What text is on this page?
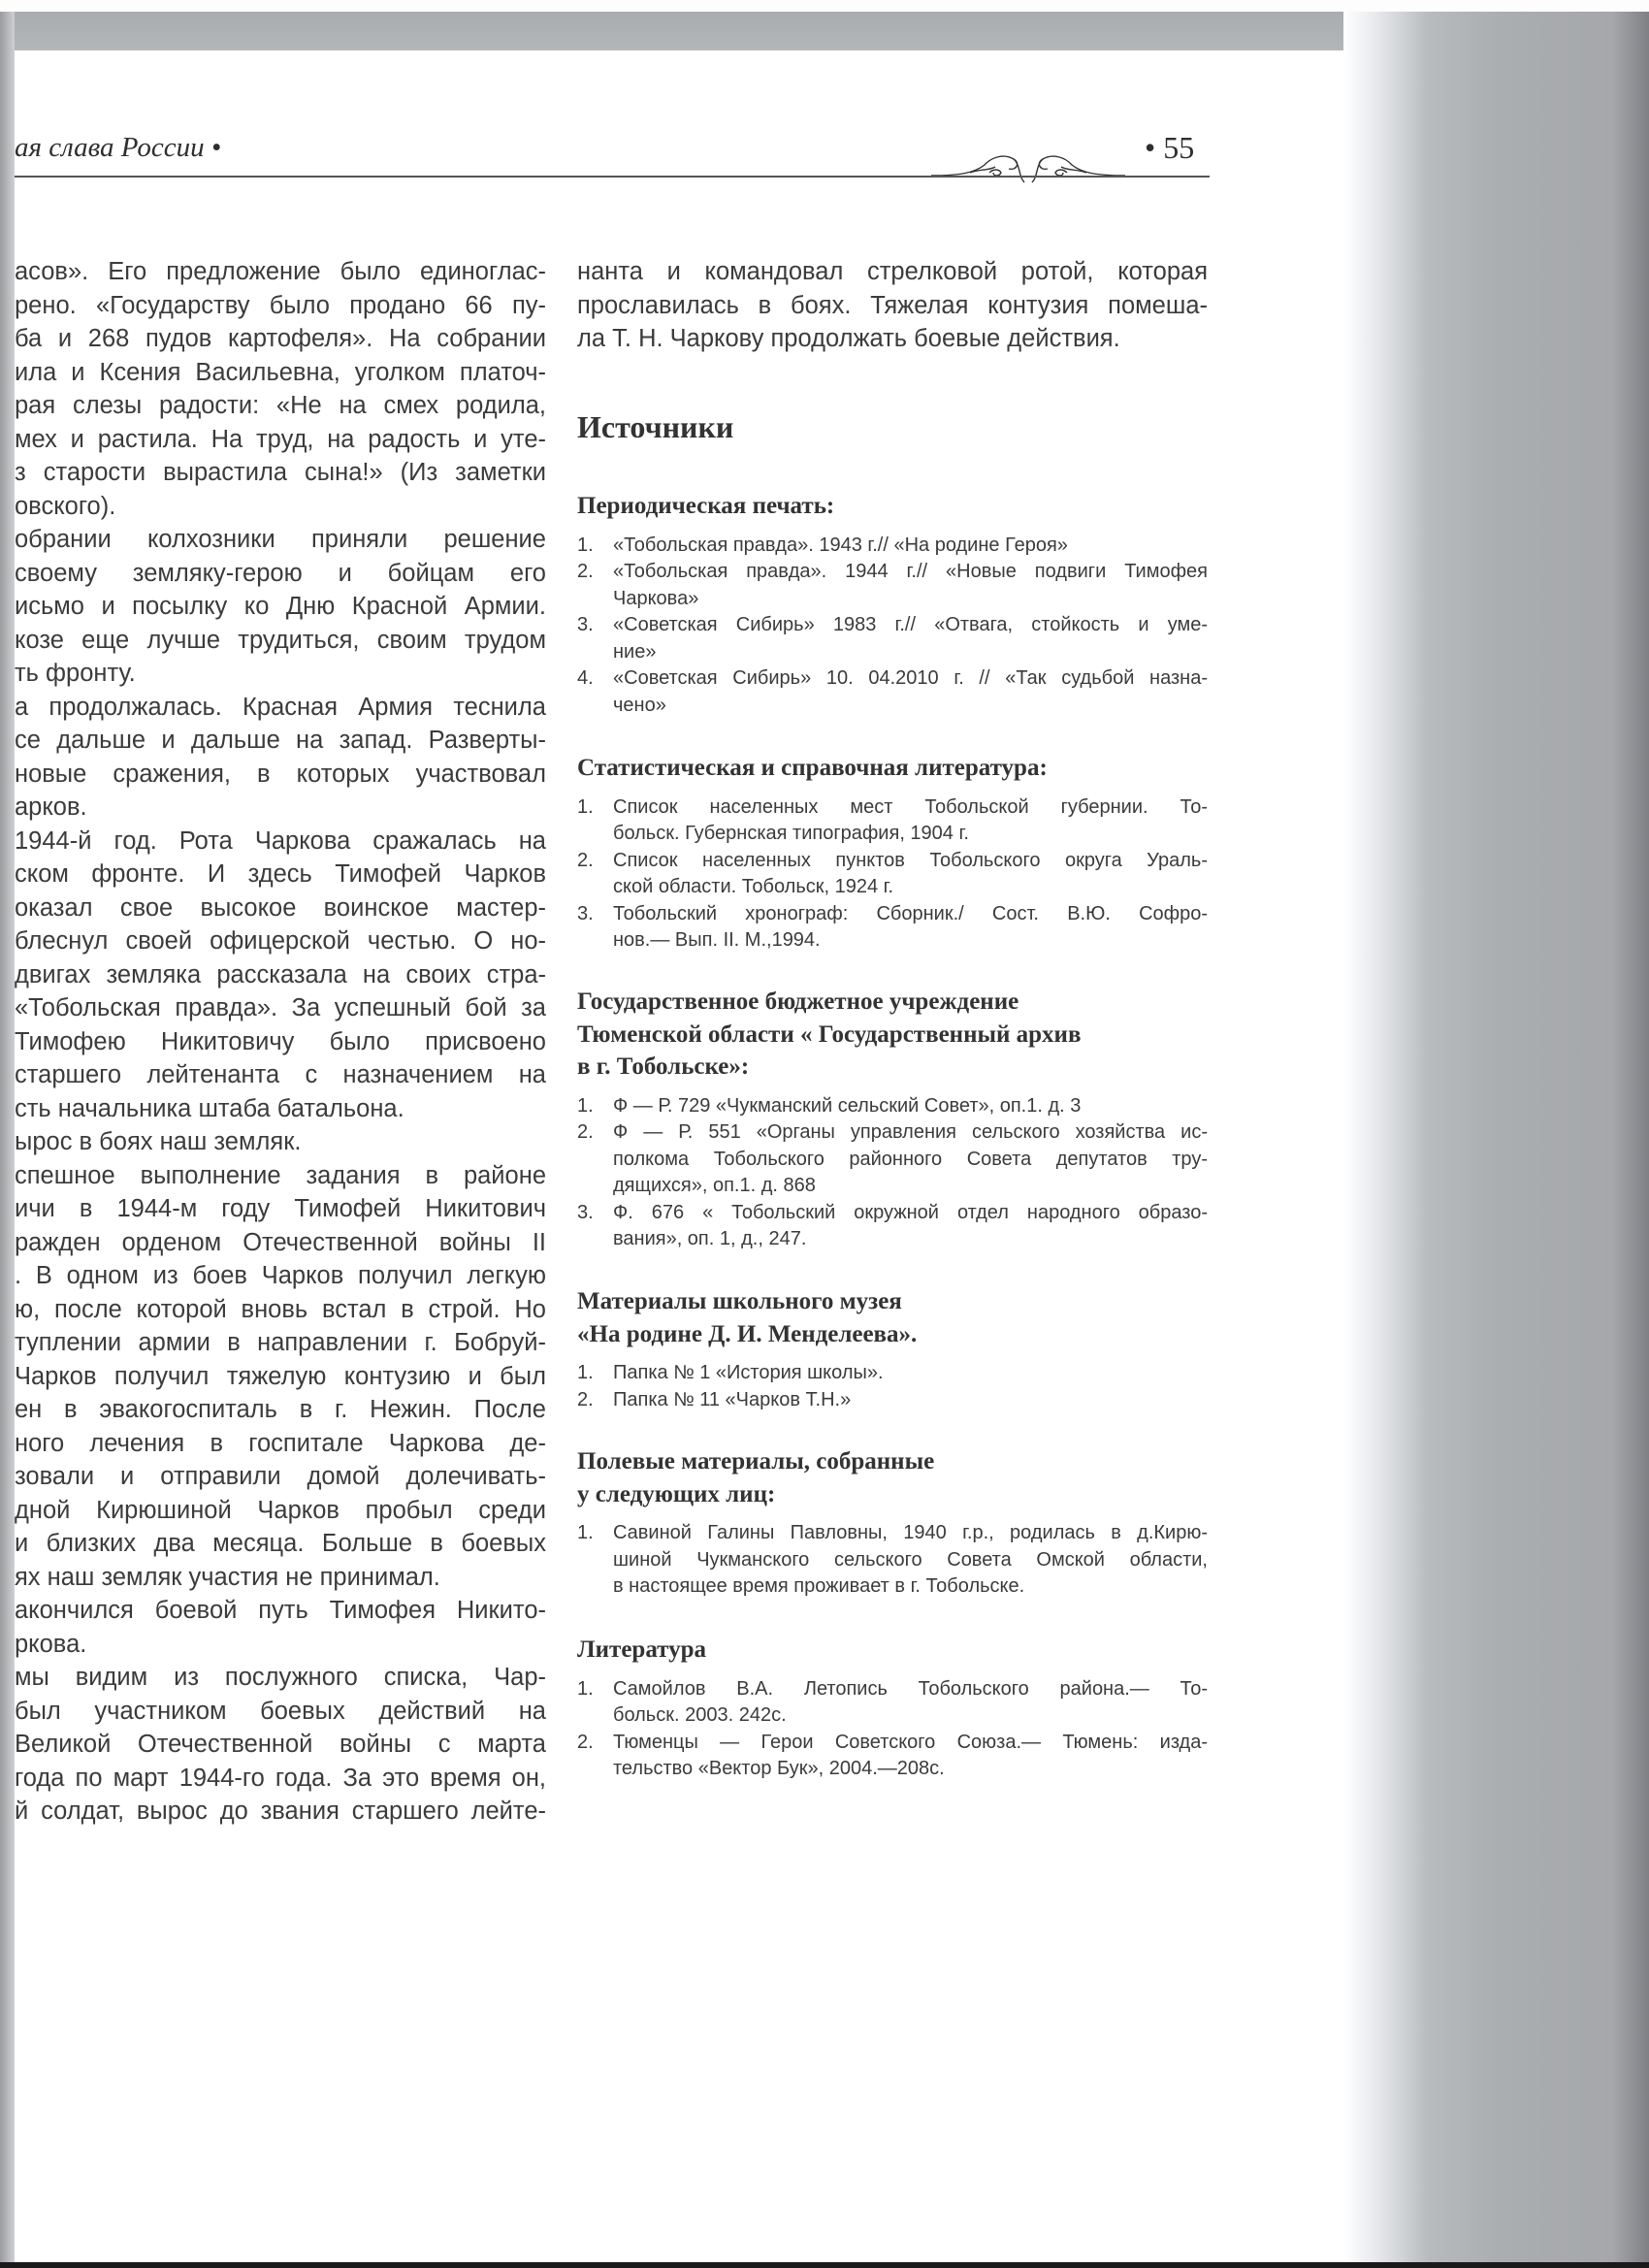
ая слава России •	• 55
асов». Его предложение было единоглас-
рено. «Государству было продано 66 пу-
ба и 268 пудов картофеля». На собрании
ила и Ксения Васильевна, уголком платоч-
рая слезы радости: «Не на смех родила,
мех и растила. На труд, на радость и уте-
з старости вырастила сына!» (Из заметки
овского).
обрании колхозники приняли решение
своему земляку-герою и бойцам его
исьмо и посылку ко Дню Красной Армии.
козе еще лучше трудиться, своим трудом
ть фронту.
а продолжалась. Красная Армия теснила
се дальше и дальше на запад. Разверты-
новые сражения, в которых участвовал
арков.
1944-й год. Рота Чаркова сражалась на
ском фронте. И здесь Тимофей Чарков
оказал свое высокое воинское мастер-
блеснул своей офицерской честью. О но-
двигах земляка рассказала на своих стра-
«Тобольская правда». За успешный бой за
Тимофею Никитовичу было присвоено
старшего лейтенанта с назначением на
сть начальника штаба батальона.
ырос в боях наш земляк.
спешное выполнение задания в районе
ичи в 1944-м году Тимофей Никитович
ражден орденом Отечественной войны II
. В одном из боев Чарков получил легкую
ю, после которой вновь встал в строй. Но
туплении армии в направлении г. Бобруй-
Чарков получил тяжелую контузию и был
ен в эвакогоспиталь в г. Нежин. После
ного лечения в госпитале Чаркова де-
зовали и отправили домой долечивать-
дной Кирюшиной Чарков пробыл среди
и близких два месяца. Больше в боевых
ях наш земляк участия не принимал.
акончился боевой путь Тимофея Никито-
ркова.
мы видим из послужного списка, Чар-
был участником боевых действий на
Великой Отечественной войны с марта
года по март 1944-го года. За это время он,
й солдат, вырос до звания старшего лейте-
нанта и командовал стрелковой ротой, которая
прославилась в боях. Тяжелая контузия помеша-
ла Т. Н. Чаркову продолжать боевые действия.
Источники
Периодическая печать:
1.	«Тобольская правда». 1943 г.// «На родине Героя»
2.	«Тобольская правда». 1944 г.// «Новые подвиги Тимофея
Чаркова»
3.	«Советская Сибирь» 1983 г.// «Отвага, стойкость и уме-
ние»
4.	«Советская Сибирь» 10. 04.2010 г. // «Так судьбой назна-
чено»
Статистическая и справочная литература:
1.	Список населенных мест Тобольской губернии. То-
больск. Губернская типография, 1904 г.
2.	Список населенных пунктов Тобольского округа Ураль-
ской области. Тобольск, 1924 г.
3.	Тобольский хронограф: Сборник./ Сост. В.Ю. Софро-
нов.— Вып. II. М.,1994.
Государственное бюджетное учреждение
Тюменской области « Государственный архив
в г. Тобольске»:
1.	Ф — Р. 729 «Чукманский сельский Совет», оп.1. д. 3
2.	Ф — Р. 551 «Органы управления сельского хозяйства ис-
полкома Тобольского районного Совета депутатов тру-
дящихся», оп.1. д. 868
3.	Ф. 676 « Тобольский окружной отдел народного образо-
вания», оп. 1, д., 247.
Материалы школьного музея
«На родине Д. И. Менделеева».
1.	Папка № 1 «История школы».
2.	Папка № 11 «Чарков Т.Н.»
Полевые материалы, собранные
у следующих лиц:
1.	Савиной Галины Павловны, 1940 г.р., родилась в д.Кирю-
шиной Чукманского сельского Совета Омской области,
в настоящее время проживает в г. Тобольске.
Литература
1.	Самойлов В.А. Летопись Тобольского района.— То-
больск. 2003. 242с.
2.	Тюменцы — Герои Советского Союза.— Тюмень: изда-
тельство «Вектор Бук», 2004.—208с.
